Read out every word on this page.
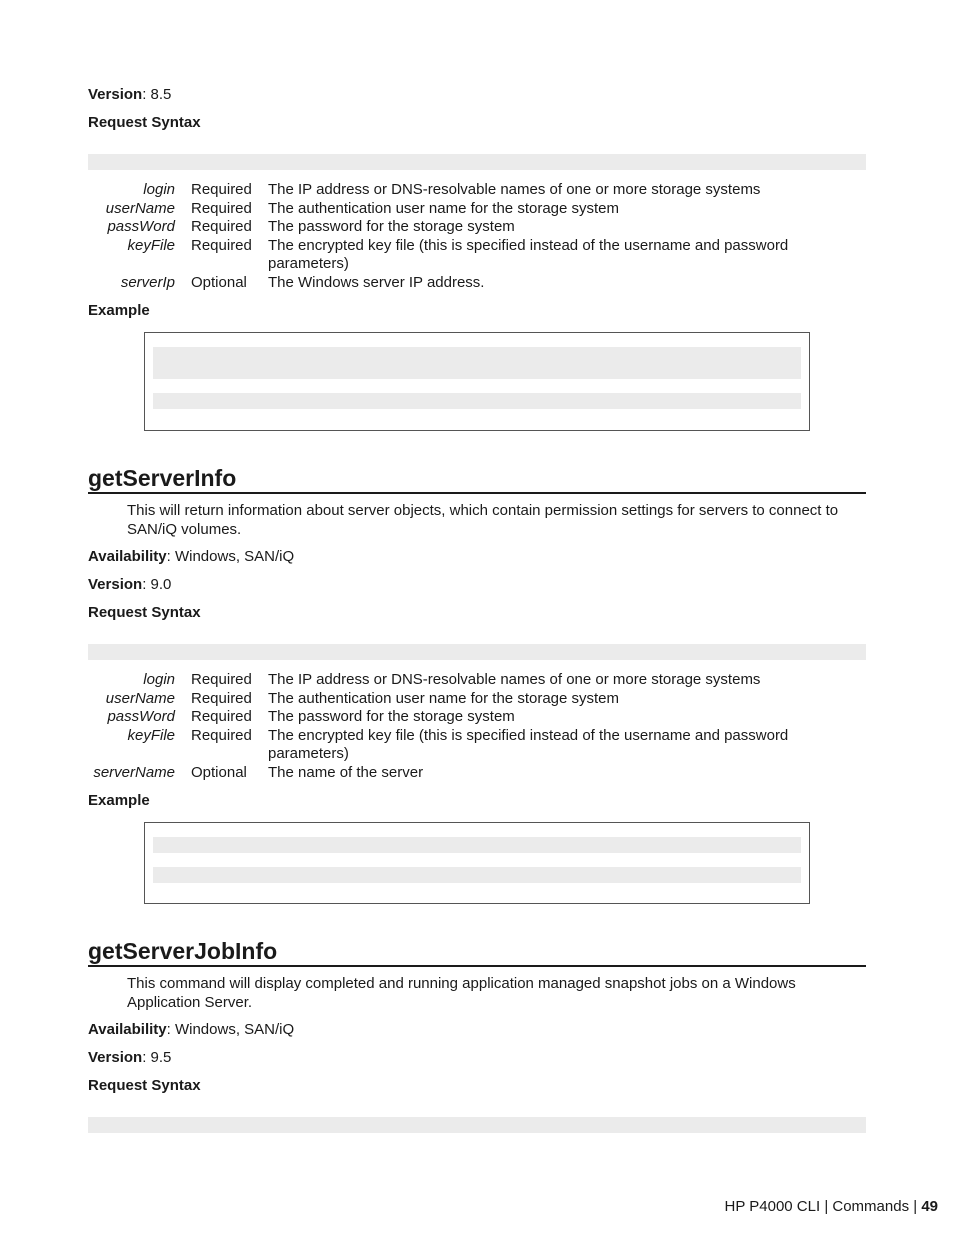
Version: 8.5
Request Syntax
login	Required	The IP address or DNS-resolvable names of one or more storage systems
userName	Required	The authentication user name for the storage system
passWord	Required	The password for the storage system
keyFile	Required	The encrypted key file (this is specified instead of the username and password parameters)
serverIp	Optional	The Windows server IP address.
Example
getServerInfo
This will return information about server objects, which contain permission settings for servers to connect to SAN/iQ volumes.
Availability: Windows, SAN/iQ
Version: 9.0
Request Syntax
login	Required	The IP address or DNS-resolvable names of one or more storage systems
userName	Required	The authentication user name for the storage system
passWord	Required	The password for the storage system
keyFile	Required	The encrypted key file (this is specified instead of the username and password parameters)
serverName	Optional	The name of the server
Example
getServerJobInfo
This command will display completed and running application managed snapshot jobs on a Windows Application Server.
Availability: Windows, SAN/iQ
Version: 9.5
Request Syntax
HP P4000 CLI | Commands | 49
